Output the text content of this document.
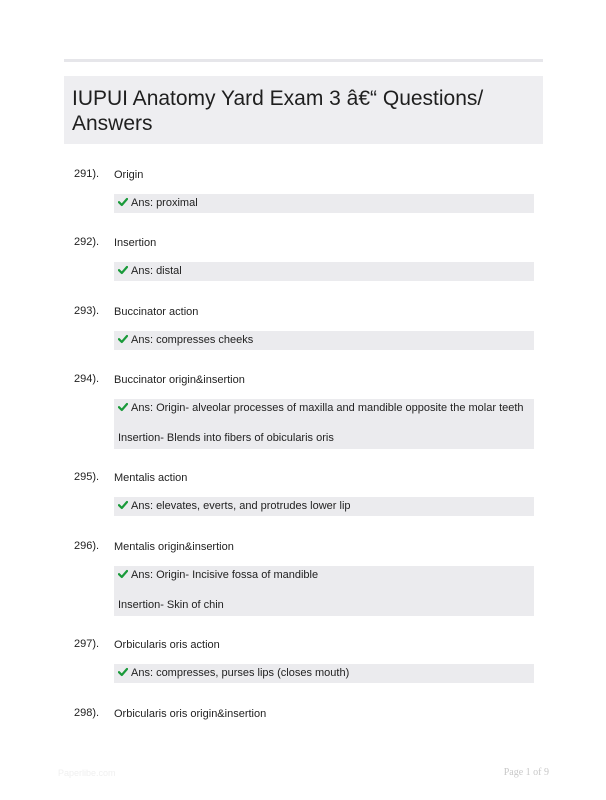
IUPUI Anatomy Yard Exam 3 â€“ Questions/ Answers
291). Origin
Ans: proximal
292). Insertion
Ans: distal
293). Buccinator action
Ans: compresses cheeks
294). Buccinator origin&insertion
Ans: Origin- alveolar processes of maxilla and mandible opposite the molar teeth
Insertion- Blends into fibers of obicularis oris
295). Mentalis action
Ans: elevates, everts, and protrudes lower lip
296). Mentalis origin&insertion
Ans: Origin- Incisive fossa of mandible
Insertion- Skin of chin
297). Orbicularis oris action
Ans: compresses, purses lips (closes mouth)
298). Orbicularis oris origin&insertion
Paperlibe.com	Page 1 of 9
